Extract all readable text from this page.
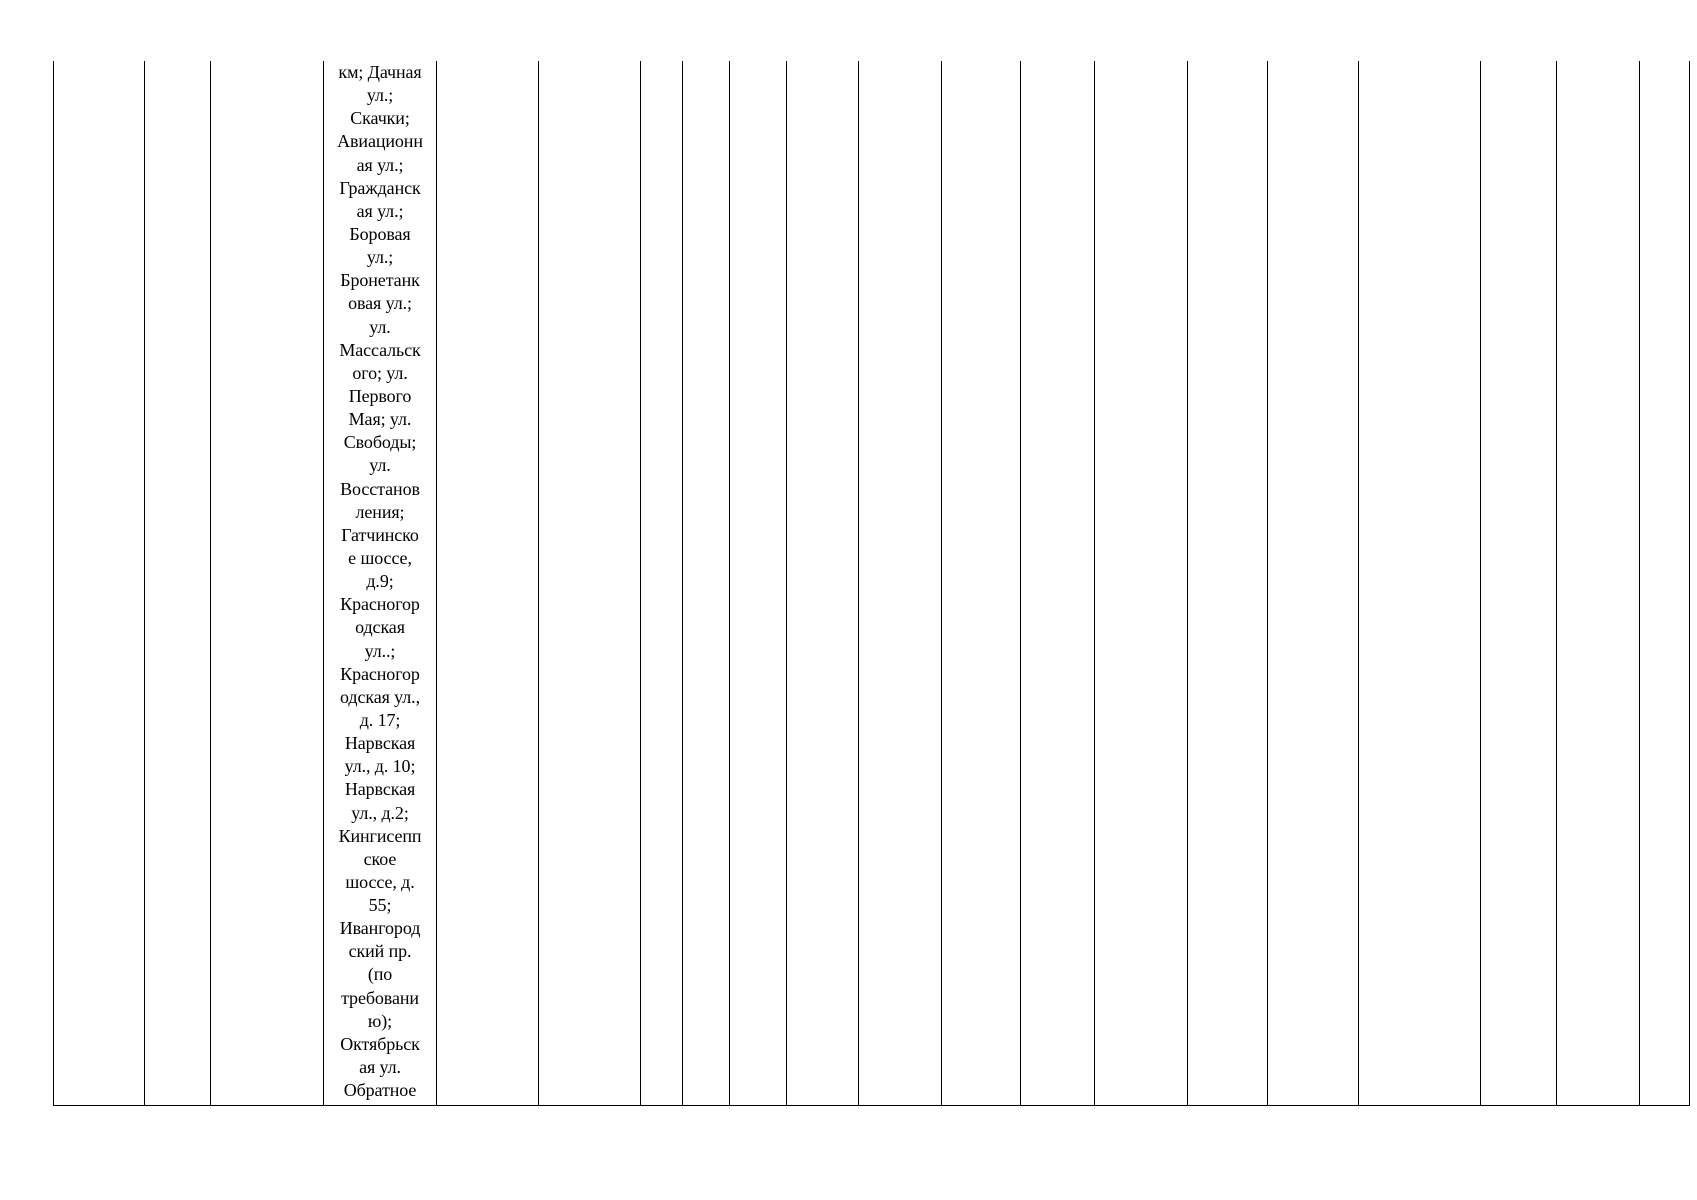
км; Дачная
ул.;
Скачки;
Авиационн
ая ул.;
Гражданск
ая ул.;
Боровая
ул.;
Бронетанк
овая ул.;
ул.
Массальск
ого; ул.
Первого
Мая; ул.
Свободы;
ул.
Восстанов
ления;
Гатчинско
е шоссе,
д.9;
Красногор
одская
ул..;
Красногор
одская ул.,
д. 17;
Нарвская
ул., д. 10;
Нарвская
ул., д.2;
Кингисепп
ское
шоссе, д.
55;
Ивангород
ский пр.
(по
требовани
ю);
Октябрьск
ая ул.
Обратное
